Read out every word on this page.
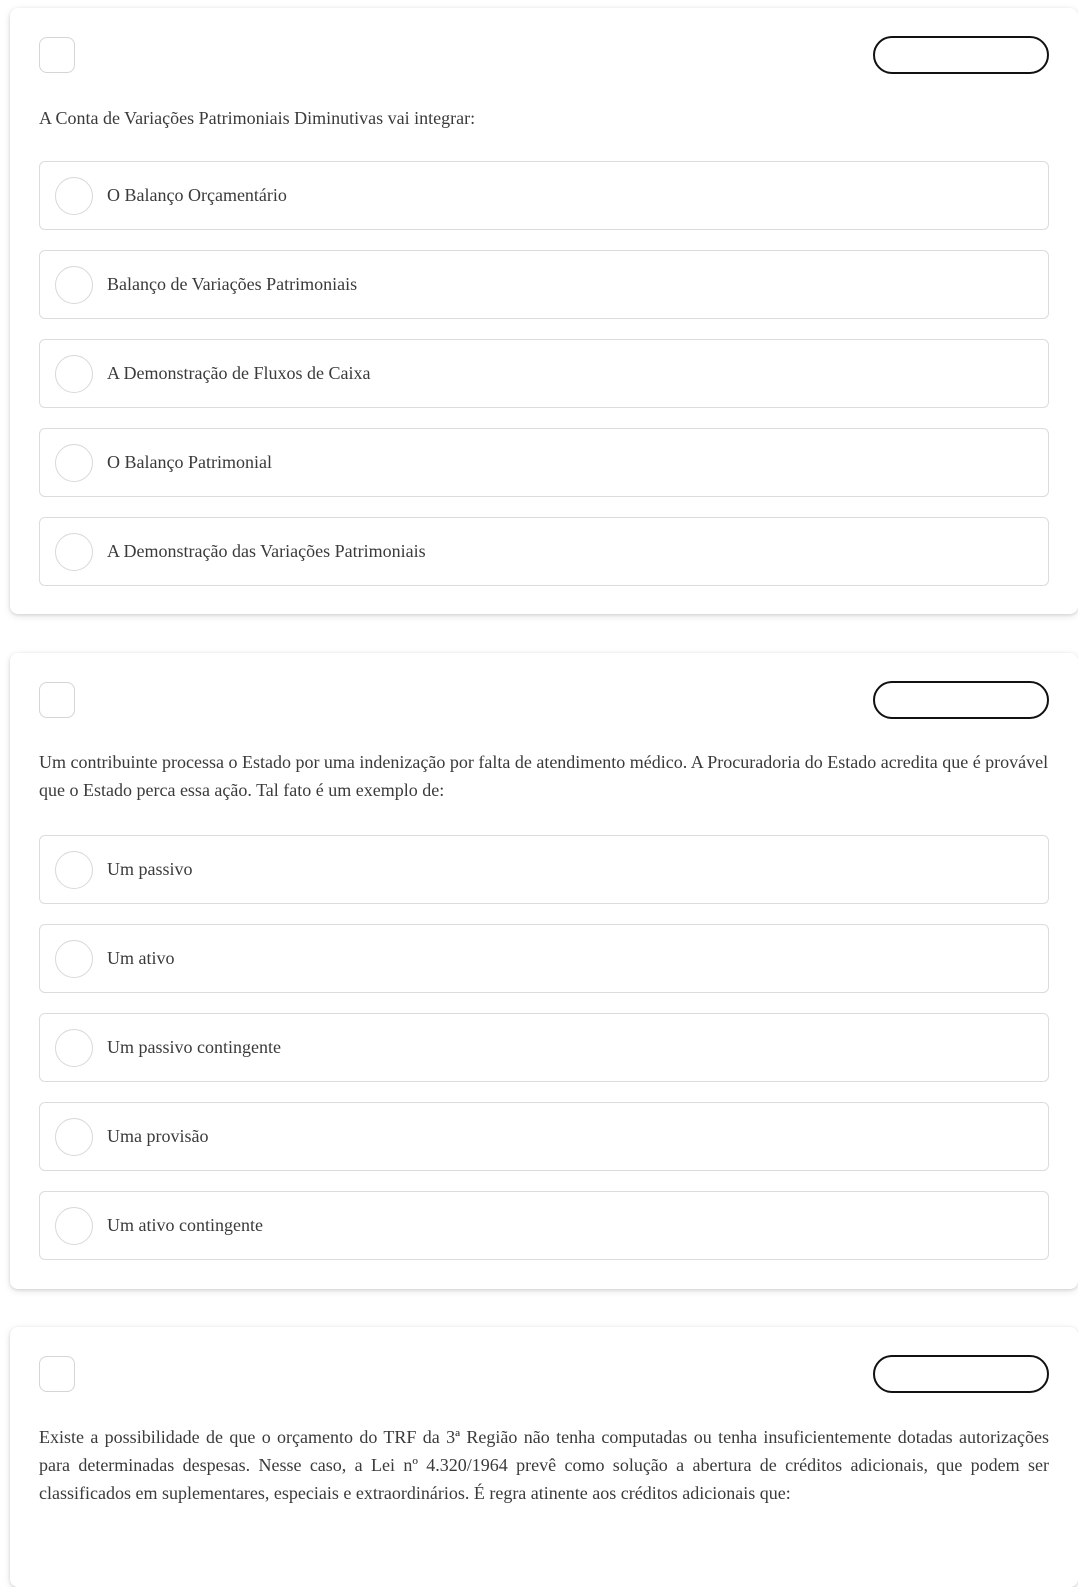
A Conta de Variações Patrimoniais Diminutivas vai integrar:

O Balanço Orçamentário
Balanço de Variações Patrimoniais
A Demonstração de Fluxos de Caixa
O Balanço Patrimonial
A Demonstração das Variações Patrimoniais

Um contribuinte processa o Estado por uma indenização por falta de atendimento médico. A Procuradoria do Estado acredita que é provável que o Estado perca essa ação. Tal fato é um exemplo de:

Um passivo
Um ativo
Um passivo contingente
Uma provisão
Um ativo contingente

Existe a possibilidade de que o orçamento do TRF da 3ª Região não tenha computadas ou tenha insuficientemente dotadas autorizações para determinadas despesas. Nesse caso, a Lei nº 4.320/1964 prevê como solução a abertura de créditos adicionais, que podem ser classificados em suplementares, especiais e extraordinários. É regra atinente aos créditos adicionais que:
